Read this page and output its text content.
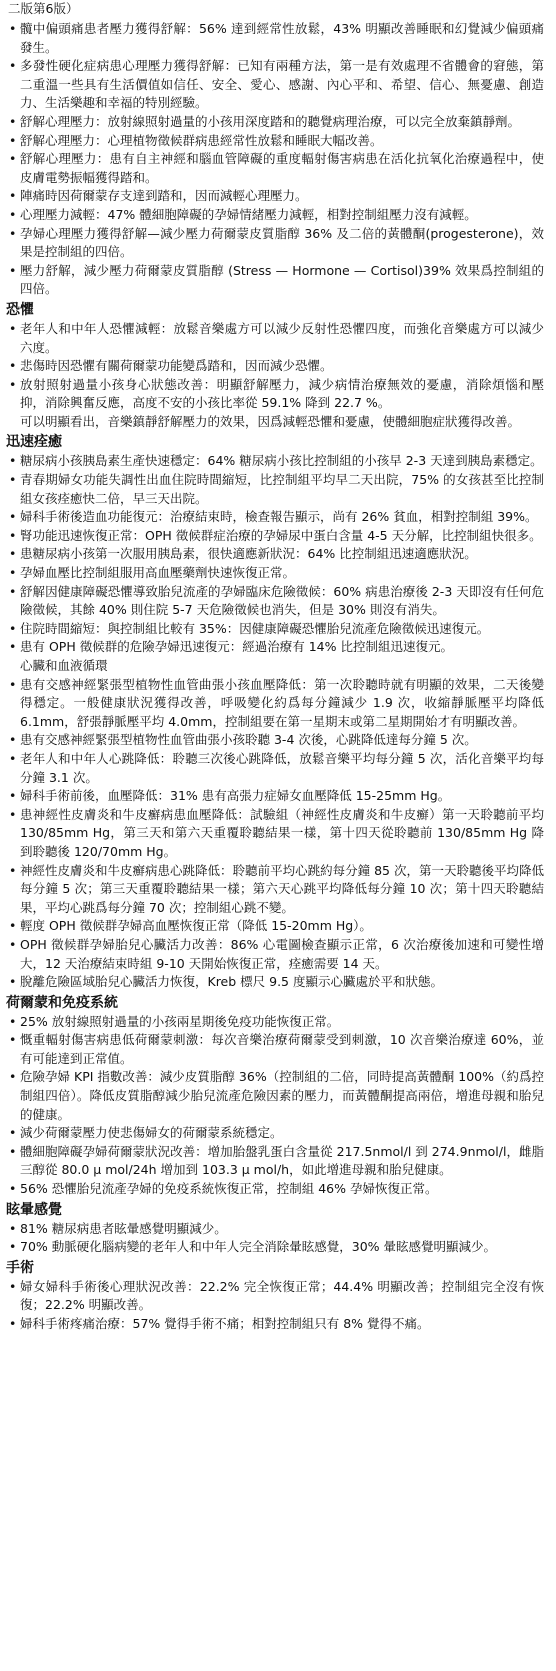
二版第6版）
• 髖中偏頭痛患者壓力獲得舒解：56% 達到經常性放鬆，43% 明顯改善睡眠和幻覺減少偏頭痛發生。
• 多發性硬化症病患心理壓力獲得舒解：已知有兩種方法，第一是有效處理不省體會的窘態，第二重溫一些具有生活價值如信任、安全、愛心、感謝、內心平和、希望、信心、無憂慮、創造力、生活樂趣和幸福的特別經驗。
• 舒解心理壓力：放射線照射過量的小孩用深度踏和的聽覺病理治療，可以完全放棄鎮靜劑。
• 舒解心理壓力：心理植物徵候群病患經常性放鬆和睡眠大幅改善。
• 舒解心理壓力：患有自主神經和腦血管障礙的重度輻射傷害病患在活化抗氧化治療過程中，使皮膚電勢振幅獲得踏和。
• 陣痛時因荷爾蒙存支達到踏和，因而減輕心理壓力。
• 心理壓力減輕：47% 體細胞障礙的孕婦情緒壓力減輕，相對控制組壓力沒有減輕。
• 孕婦心理壓力獲得舒解—減少壓力荷爾蒙皮質脂醇 36% 及二倍的黃體酮(progesterone)，效果是控制組的四倍。
• 壓力舒解，減少壓力荷爾蒙皮質脂醇 (Stress — Hormone — Cortisol)39% 效果爲控制組的四倍。
恐懼
• 老年人和中年人恐懼減輕：放鬆音樂處方可以減少反射性恐懼四度，而強化音樂處方可以減少六度。
• 悲傷時因恐懼有關荷爾蒙功能變爲踏和，因而減少恐懼。
• 放射照射過量小孩身心狀態改善：明顯舒解壓力，減少病情治療無效的憂慮，消除煩惱和壓抑，消除興奮反應，高度不安的小孩比率從 59.1% 降到 22.7 %。
可以明顯看出，音樂鎮靜舒解壓力的效果，因爲減輕恐懼和憂慮，使體細胞症狀獲得改善。
迅速痊癒
• 糖尿病小孩胰島素生產快速穩定：64% 糖尿病小孩比控制組的小孩早 2-3 天達到胰島素穩定。
• 青春期婦女功能失調性出血住院時間縮短，比控制組平均早二天出院，75% 的女孩甚至比控制組女孩痊癒快二倍，早三天出院。
• 婦科手術後造血功能復元：治療結束時，檢查報告顯示，尚有 26% 貧血，相對控制組 39%。
• 腎功能迅速恢復正常：OPH 徵候群症治療的孕婦尿中蛋白含量 4-5 天分解，比控制組快很多。
• 患糖尿病小孩第一次服用胰島素，很快適應新狀況：64% 比控制組迅速適應狀況。
• 孕婦血壓比控制組服用高血壓藥劑快速恢復正常。
• 舒解因健康障礙恐懼導致胎兒流產的孕婦臨床危險徵候：60% 病患治療後 2-3 天即沒有任何危險徵候，其餘 40% 則住院 5-7 天危險徵候也消失，但是 30% 則沒有消失。
• 住院時間縮短：與控制組比較有 35%：因健康障礙恐懼胎兒流產危險徵候迅速復元。
• 患有 OPH 徵候群的危險孕婦迅速復元：經過治療有 14% 比控制組迅速復元。
心臟和血液循環
• 患有交感神經緊張型植物性血管曲張小孩血壓降低：第一次聆聽時就有明顯的效果，二天後變得穩定。一般健康狀況獲得改善，呼吸變化約爲每分鐘減少 1.9 次，收縮靜脈壓平均降低 6.1mm，舒張靜脈壓平均 4.0mm，控制組要在第一星期末或第二星期開始才有明顯改善。
• 患有交感神經緊張型植物性血管曲張小孩聆聽 3-4 次後，心跳降低達每分鐘 5 次。
• 老年人和中年人心跳降低：聆聽三次後心跳降低，放鬆音樂平均每分鐘 5 次，活化音樂平均每分鐘 3.1 次。
• 婦科手術前後，血壓降低：31% 患有高張力症婦女血壓降低 15-25mm Hg。
• 患神經性皮膚炎和牛皮癬病患血壓降低：試驗組（神經性皮膚炎和牛皮癬）第一天聆聽前平均 130/85mm Hg，第三天和第六天重覆聆聽結果一樣，第十四天從聆聽前 130/85mm Hg 降到聆聽後 120/70mm Hg。
• 神經性皮膚炎和牛皮癬病患心跳降低：聆聽前平均心跳約每分鐘 85 次，第一天聆聽後平均降低每分鐘 5 次；第三天重覆聆聽結果一樣；第六天心跳平均降低每分鐘 10 次；第十四天聆聽結果，平均心跳爲每分鐘 70 次；控制組心跳不變。
• 輕度 OPH 徵候群孕婦高血壓恢復正常（降低 15-20mm Hg）。
• OPH 徵候群孕婦胎兒心臟活力改善：86% 心電圖檢查顯示正常，6 次治療後加速和可變性增大，12 天治療結束時組 9-10 天開始恢復正常，痊癒需要 14 天。
• 脫離危險區域胎兒心臟活力恢復，Kreb 標尺 9.5 度顯示心臟處於平和狀態。
荷爾蒙和免疫系統
• 25% 放射線照射過量的小孩兩星期後免疫功能恢復正常。
• 慨重輻射傷害病患低荷爾蒙刺激：每次音樂治療荷爾蒙受到刺激，10 次音樂治療達 60%，並有可能達到正常值。
• 危險孕婦 KPI 指數改善：減少皮質脂醇 36%（控制組的二倍，同時提高黃體酮 100%（約爲控制組四倍）。降低皮質脂醇減少胎兒流產危險因素的壓力，而黃體酮提高兩倍，增進母親和胎兒的健康。
• 減少荷爾蒙壓力使悲傷婦女的荷爾蒙系統穩定。
• 體細胞障礙孕婦荷爾蒙狀況改善：增加胎盤乳蛋白含量從 217.5nmol/l 到 274.9nmol/l，雌脂三醇從 80.0 μ mol/24h 增加到 103.3 μ mol/h，如此增進母親和胎兒健康。
• 56% 恐懼胎兒流產孕婦的免疫系統恢復正常，控制組 46% 孕婦恢復正常。
眩暈感覺
• 81% 糖尿病患者眩暈感覺明顯減少。
• 70% 動脈硬化腦病變的老年人和中年人完全消除暈眩感覺，30% 暈眩感覺明顯減少。
手術
• 婦女婦科手術後心理狀況改善：22.2% 完全恢復正常；44.4% 明顯改善；控制組完全沒有恢復；22.2% 明顯改善。
• 婦科手術疼痛治療：57% 覺得手術不痛；相對控制組只有 8% 覺得不痛。
